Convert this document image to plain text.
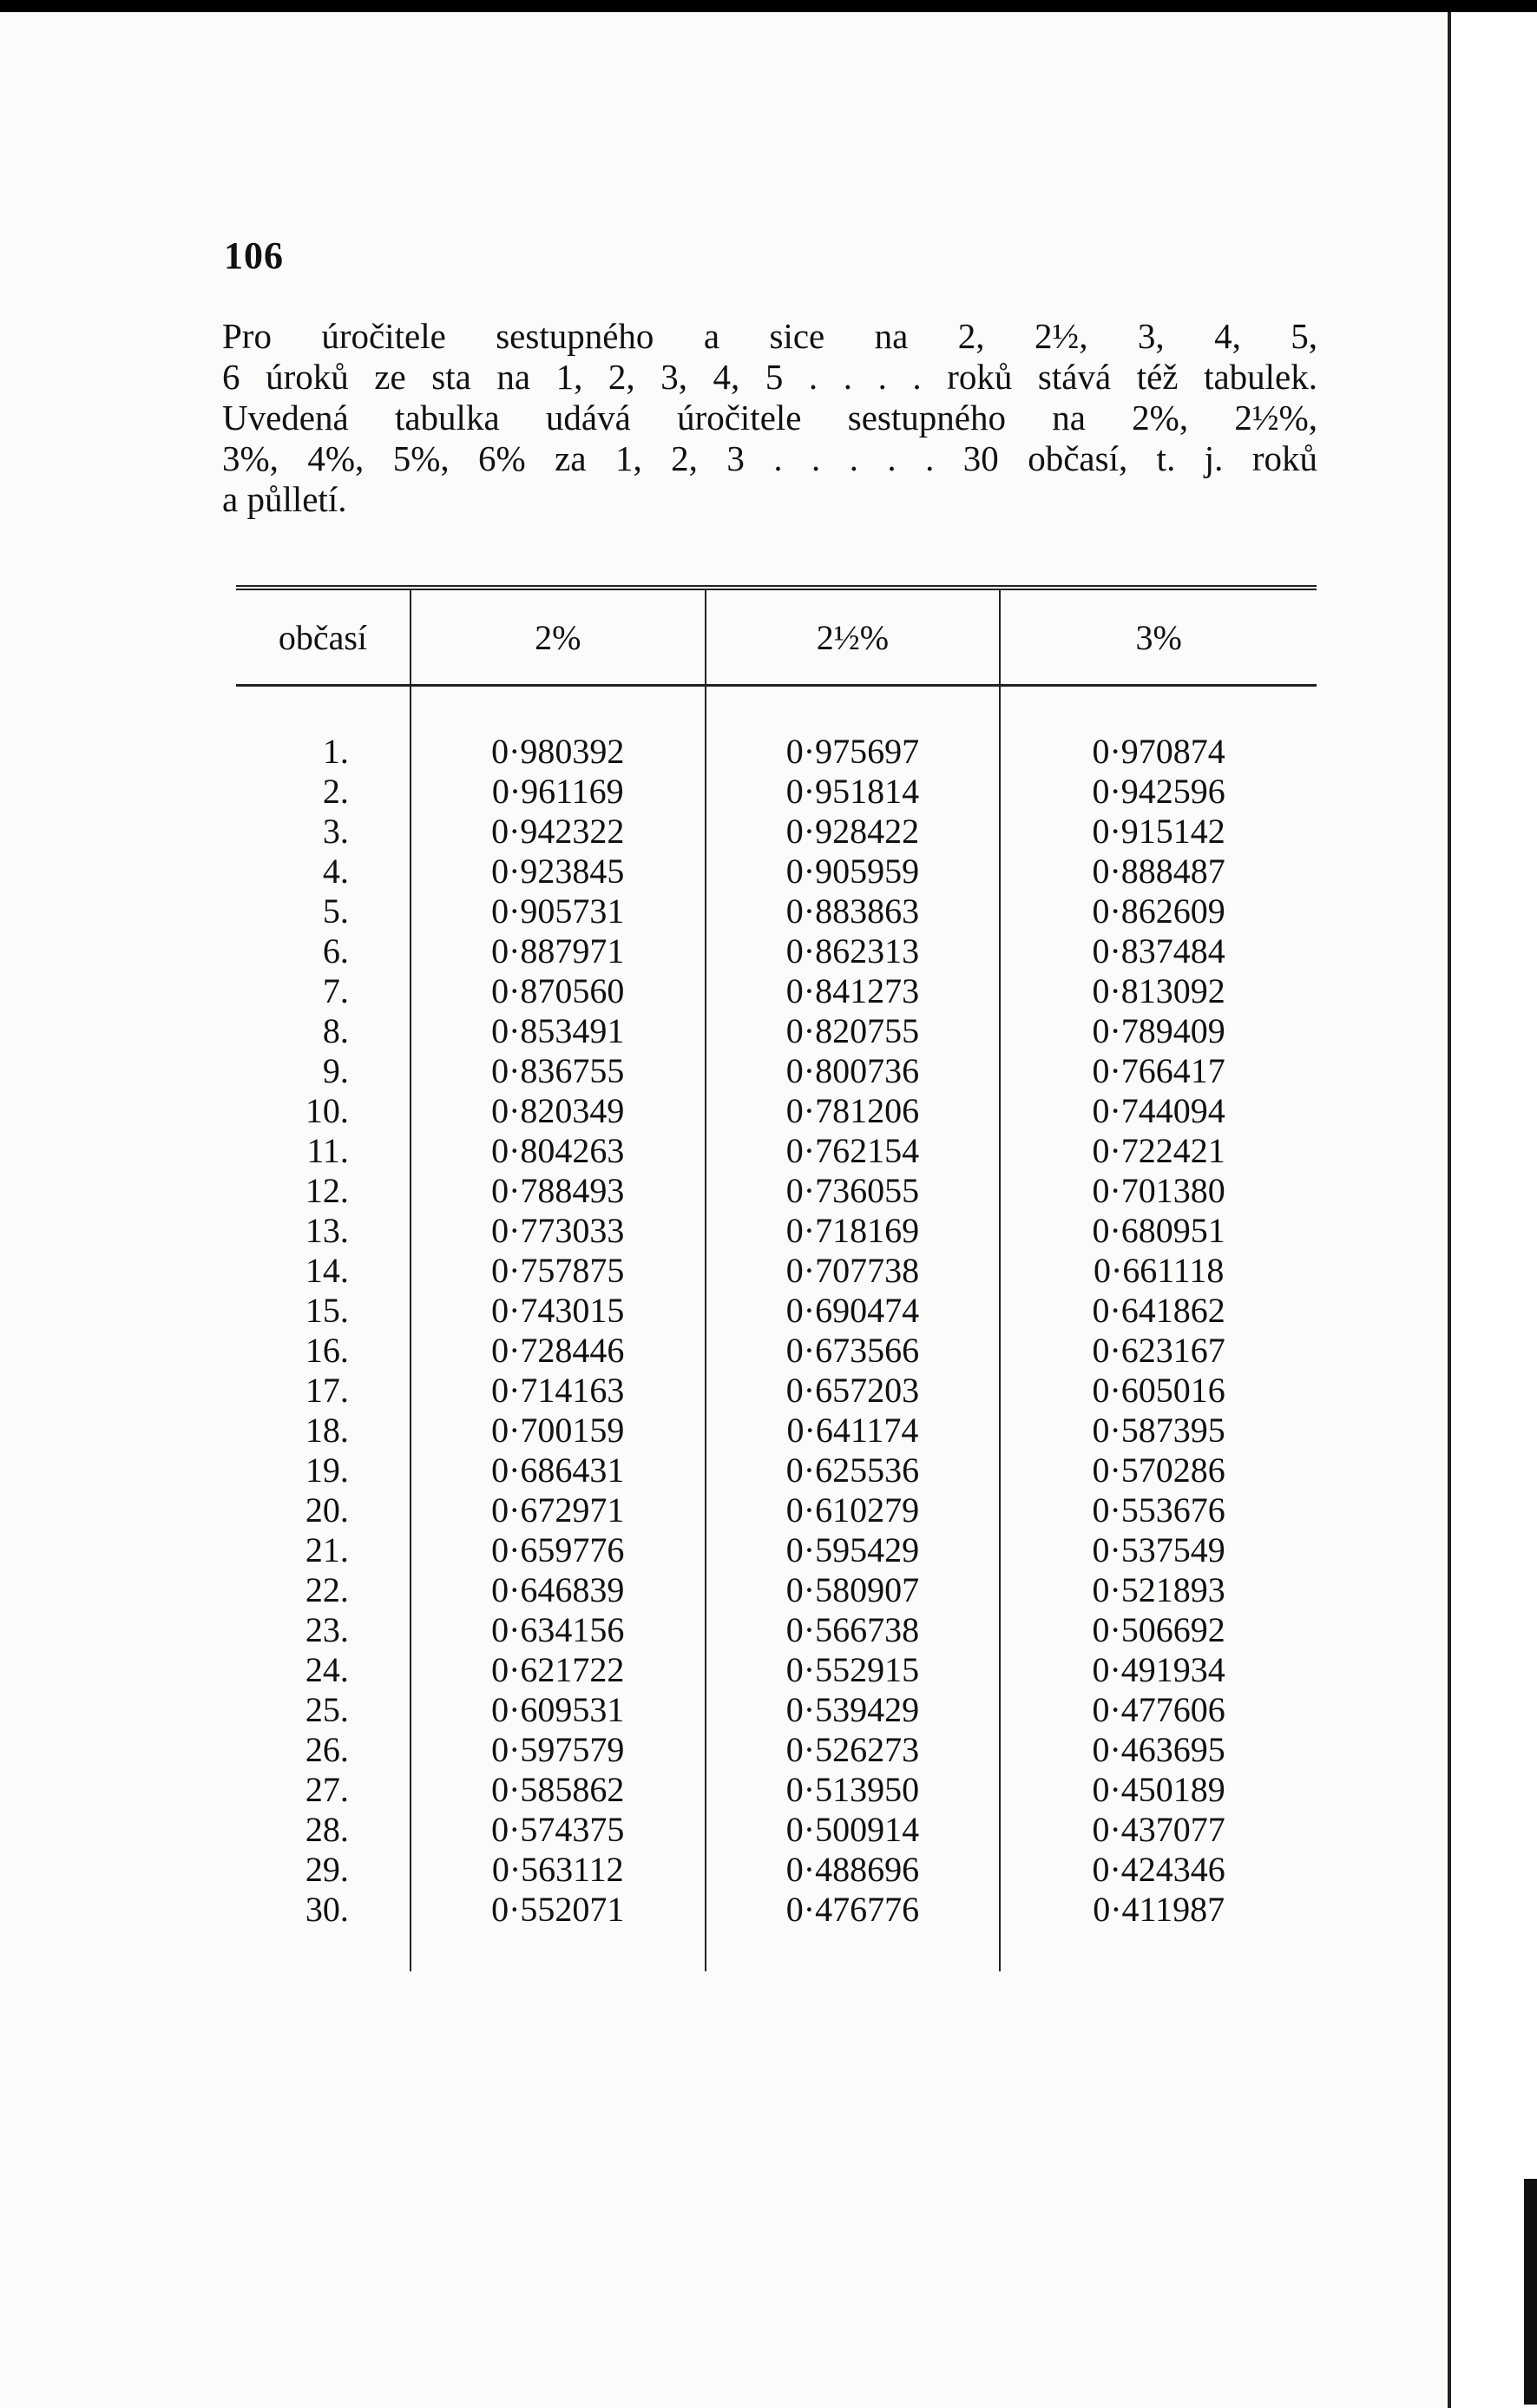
106
Pro úročitele sestupného a sice na 2, 2½, 3, 4, 5,
6 úroků ze sta na 1, 2, 3, 4, 5 . . . . roků stává též tabulek.
Uvedená tabulka udává úročitele sestupného na 2%, 2½%,
3%, 4%, 5%, 6% za 1, 2, 3 . . . . . 30 občasí, t. j. roků
a půlletí.
občasí	2%	2½%	3%
1.	0·980392	0·975697	0·970874
2.	0·961169	0·951814	0·942596
3.	0·942322	0·928422	0·915142
4.	0·923845	0·905959	0·888487
5.	0·905731	0·883863	0·862609
6.	0·887971	0·862313	0·837484
7.	0·870560	0·841273	0·813092
8.	0·853491	0·820755	0·789409
9.	0·836755	0·800736	0·766417
10.	0·820349	0·781206	0·744094
11.	0·804263	0·762154	0·722421
12.	0·788493	0·736055	0·701380
13.	0·773033	0·718169	0·680951
14.	0·757875	0·707738	0·661118
15.	0·743015	0·690474	0·641862
16.	0·728446	0·673566	0·623167
17.	0·714163	0·657203	0·605016
18.	0·700159	0·641174	0·587395
19.	0·686431	0·625536	0·570286
20.	0·672971	0·610279	0·553676
21.	0·659776	0·595429	0·537549
22.	0·646839	0·580907	0·521893
23.	0·634156	0·566738	0·506692
24.	0·621722	0·552915	0·491934
25.	0·609531	0·539429	0·477606
26.	0·597579	0·526273	0·463695
27.	0·585862	0·513950	0·450189
28.	0·574375	0·500914	0·437077
29.	0·563112	0·488696	0·424346
30.	0·552071	0·476776	0·411987
